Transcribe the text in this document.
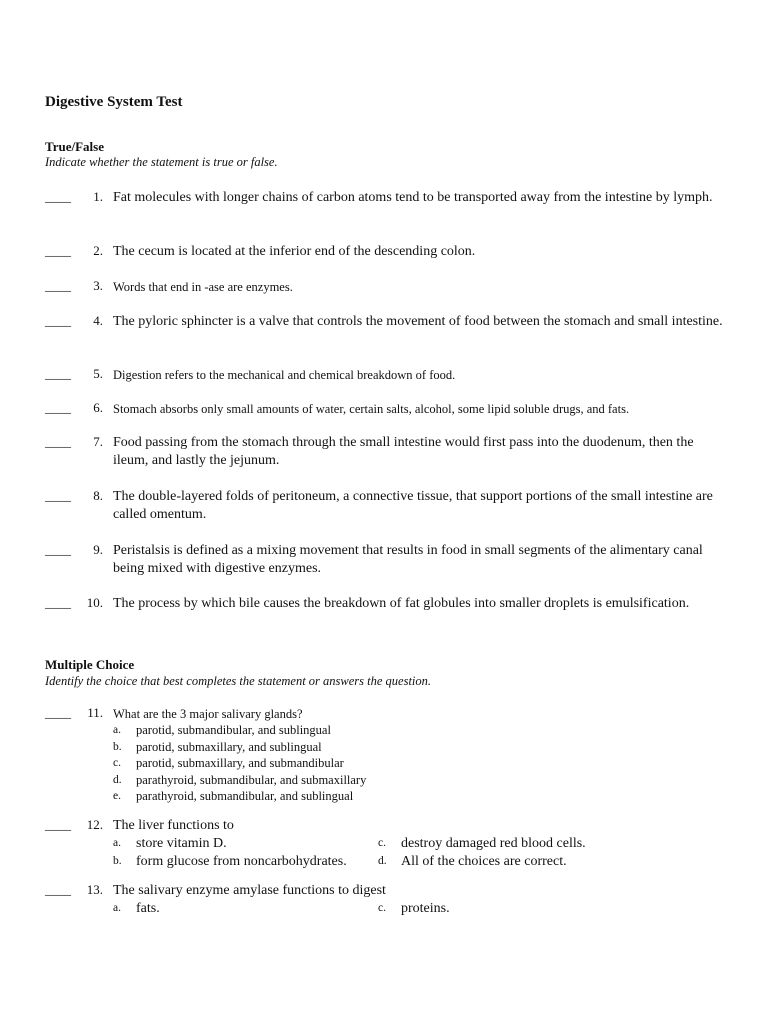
Digestive System Test
True/False
Indicate whether the statement is true or false.
____	1. Fat molecules with longer chains of carbon atoms tend to be transported away from the intestine by lymph.
____	2. The cecum is located at the inferior end of the descending colon.
____	3. Words that end in -ase are enzymes.
____	4. The pyloric sphincter is a valve that controls the movement of food between the stomach and small intestine.
____	5. Digestion refers to the mechanical and chemical breakdown of food.
____	6. Stomach absorbs only small amounts of water, certain salts, alcohol, some lipid soluble drugs, and fats.
____	7. Food passing from the stomach through the small intestine would first pass into the duodenum, then the ileum, and lastly the jejunum.
____	8. The double-layered folds of peritoneum, a connective tissue, that support portions of the small intestine are called omentum.
____	9. Peristalsis is defined as a mixing movement that results in food in small segments of the alimentary canal being mixed with digestive enzymes.
____	10. The process by which bile causes the breakdown of fat globules into smaller droplets is emulsification.
Multiple Choice
Identify the choice that best completes the statement or answers the question.
____	11. What are the 3 major salivary glands?
a. parotid, submandibular, and sublingual
b. parotid, submaxillary, and sublingual
c. parotid, submaxillary, and submandibular
d. parathyroid, submandibular, and submaxillary
e. parathyroid, submandibular, and sublingual
____	12. The liver functions to
a. store vitamin D.
b. form glucose from noncarbohydrates.
c. destroy damaged red blood cells.
d. All of the choices are correct.
____	13. The salivary enzyme amylase functions to digest
a. fats.	c. proteins.
